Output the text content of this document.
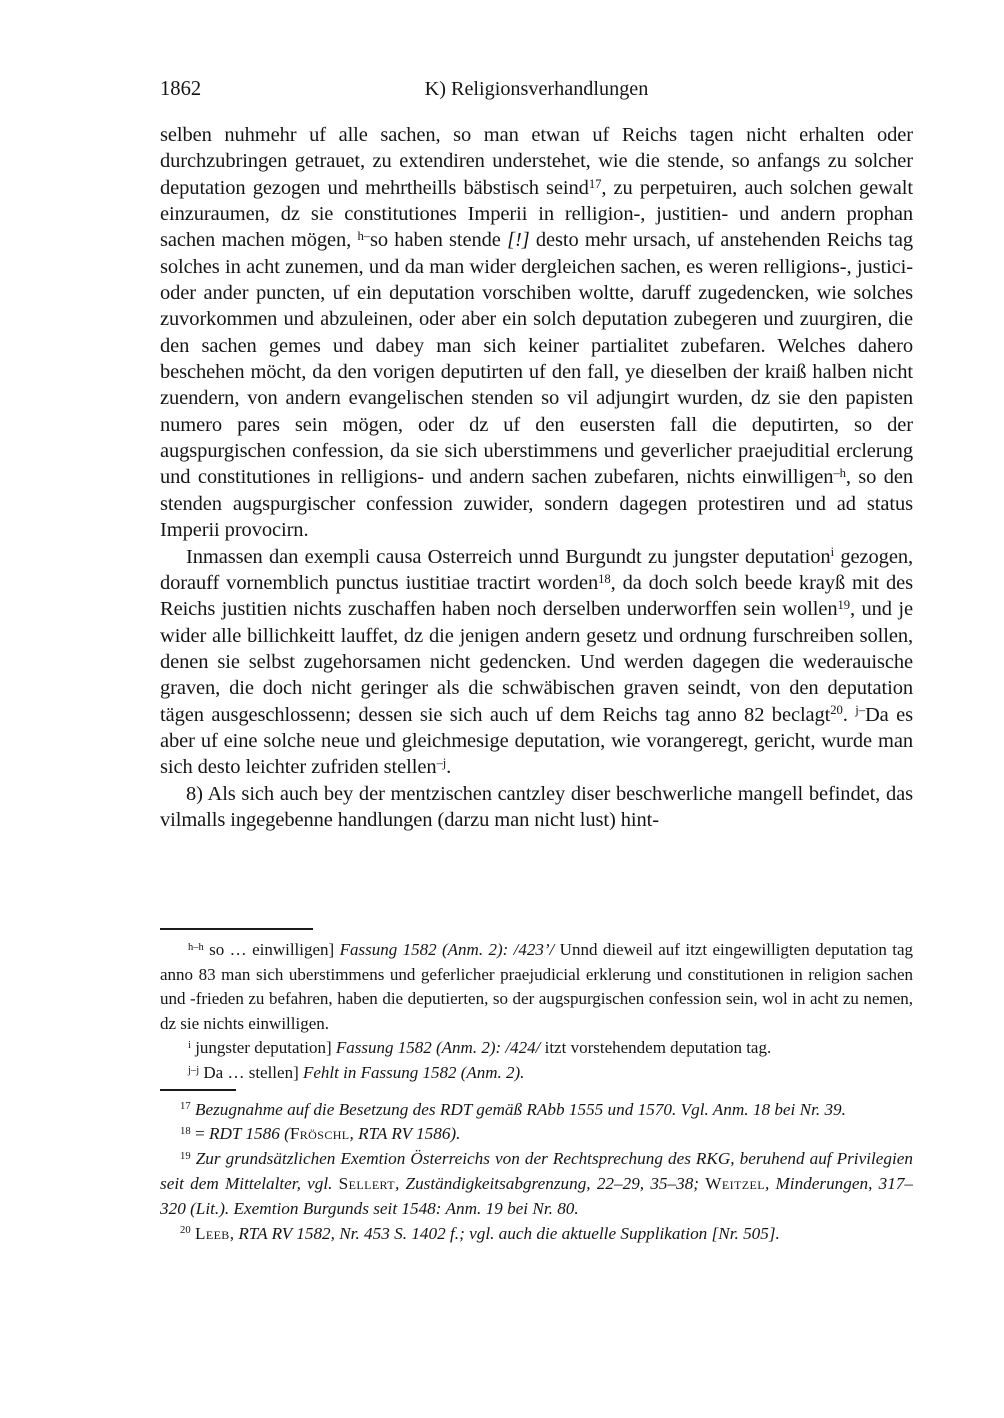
1862	K) Religionsverhandlungen

selben nuhmehr uf alle sachen, so man etwan uf Reichs tagen nicht erhalten oder durchzubringen getrauet, zu extendiren understehet, wie die stende, so anfangs zu solcher deputation gezogen und mehrtheills bäbstisch seind$^{17}$, zu perpetuiren, auch solchen gewalt einzuraumen, dz sie constitutiones Imperii in relligion-, justitien- und andern prophan sachen machen mögen, $^{h-}$so haben stende [!] desto mehr ursach, uf anstehenden Reichs tag solches in acht zunemen, und da man wider dergleichen sachen, es weren relligions-, justici- oder ander puncten, uf ein deputation vorschiben woltte, daruff zugedencken, wie solches zuvorkommen und abzuleinen, oder aber ein solch deputation zubegeren und zuurgiren, die den sachen gemes und dabey man sich keiner partialitet zubefaren. Welches dahero beschehen möcht, da den vorigen deputirten uf den fall, ye dieselben der kraiß halben nicht zuendern, von andern evangelischen stenden so vil adjungirt wurden, dz sie den papisten numero pares sein mögen, oder dz uf den eusersten fall die deputirten, so der augspurgischen confession, da sie sich uberstimmens und geverlicher praejuditial erclerung und constitutiones in relligions- und andern sachen zubefaren, nichts einwilligen$^{-h}$, so den stenden augspurgischer confession zuwider, sondern dagegen protestiren und ad status Imperii provocirn.

Inmassen dan exempli causa Osterreich unnd Burgundt zu jungster deputation$^i$ gezogen, dorauff vornemblich punctus iustitiae tractirt worden$^{18}$, da doch solch beede krayß mit des Reichs justitien nichts zuschaffen haben noch derselben underworffen sein wollen$^{19}$, und je wider alle billichkeitt lauffet, dz die jenigen andern gesetz und ordnung furschreiben sollen, denen sie selbst zugehorsamen nicht gedencken. Und werden dagegen die wederauische graven, die doch nicht geringer als die schwäbischen graven seindt, von den deputation tägen ausgeschlossenn; dessen sie sich auch uf dem Reichs tag anno 82 beclagt$^{20}$. $^{j-}$Da es aber uf eine solche neue und gleichmesige deputation, wie vorangeregt, gericht, wurde man sich desto leichter zufriden stellen$^{-j}$.

8) Als sich auch bey der mentzischen cantzley diser beschwerliche mangell befindet, das vilmalls ingegebenne handlungen (darzu man nicht lust) hint-

$^{h-h}$ so … einwilligen] Fassung 1582 (Anm. 2): /423’/ Unnd dieweil auf itzt eingewilligten deputation tag anno 83 man sich uberstimmens und geferlicher praejudicial erklerung und constitutionen in religion sachen und -frieden zu befahren, haben die deputierten, so der augspurgischen confession sein, wol in acht zu nemen, dz sie nichts einwilligen.

$^i$ jungster deputation] Fassung 1582 (Anm. 2): /424/ itzt vorstehendem deputation tag.

$^{j-j}$ Da … stellen] Fehlt in Fassung 1582 (Anm. 2).

$^{17}$ Bezugnahme auf die Besetzung des RDT gemäß RAbb 1555 und 1570. Vgl. Anm. 18 bei Nr. 39.

$^{18}$ = RDT 1586 (Fröschl, RTA RV 1586).

$^{19}$ Zur grundsätzlichen Exemtion Österreichs von der Rechtsprechung des RKG, beruhend auf Privilegien seit dem Mittelalter, vgl. Sellert, Zuständigkeitsabgrenzung, 22–29, 35–38; Weitzel, Minderungen, 317–320 (Lit.). Exemtion Burgunds seit 1548: Anm. 19 bei Nr. 80.

$^{20}$ Leeb, RTA RV 1582, Nr. 453 S. 1402 f.; vgl. auch die aktuelle Supplikation [Nr. 505].
